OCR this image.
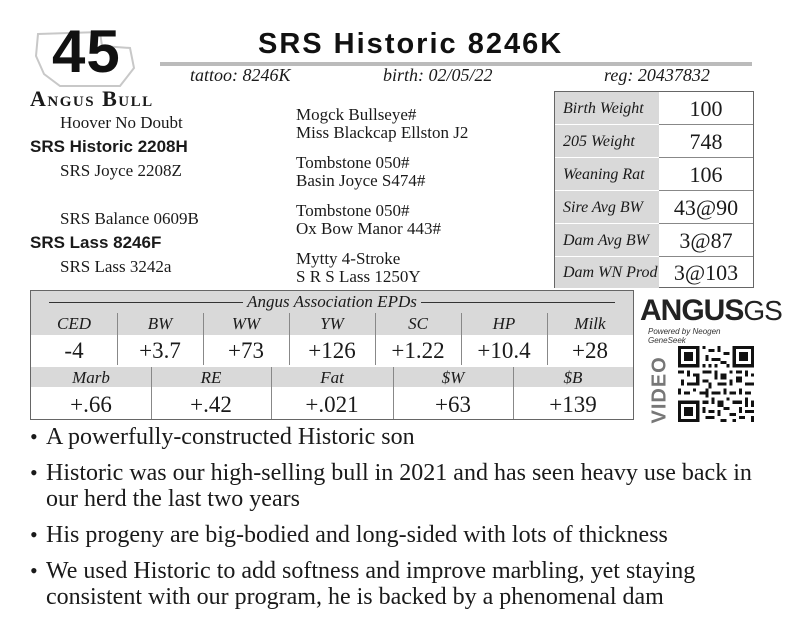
45	SRS Historic 8246K
tattoo: 8246K	birth: 02/05/22	reg: 20437832
Angus Bull
Hoover No Doubt
SRS Historic 2208H
SRS Joyce 2208Z
SRS Balance 0609B
SRS Lass 8246F
SRS Lass 3242a
Mogck Bullseye#
Miss Blackcap Ellston J2
Tombstone 050#
Basin Joyce S474#
Tombstone 050#
Ox Bow Manor 443#
Mytty 4-Stroke
S R S Lass 1250Y
Birth Weight	100
205 Weight	748
Weaning Rat	106
Sire Avg BW	43@90
Dam Avg BW	3@87
Dam WN Prod 3@103
Angus Association EPDs
CED	BW	WW	YW	SC	HP	Milk
-4	+3.7	+73	+126	+1.22	+10.4	+28
Marb	RE	Fat	$W	$B
+.66	+.42	+.021	+63	+139
ANGUSGS
Powered by Neogen GeneSeek
VIDEO
• A powerfully-constructed Historic son
• Historic was our high-selling bull in 2021 and has seen heavy use back in our herd the last two years
• His progeny are big-bodied and long-sided with lots of thickness
• We used Historic to add softness and improve marbling, yet staying consistent with our program, he is backed by a phenomenal dam
